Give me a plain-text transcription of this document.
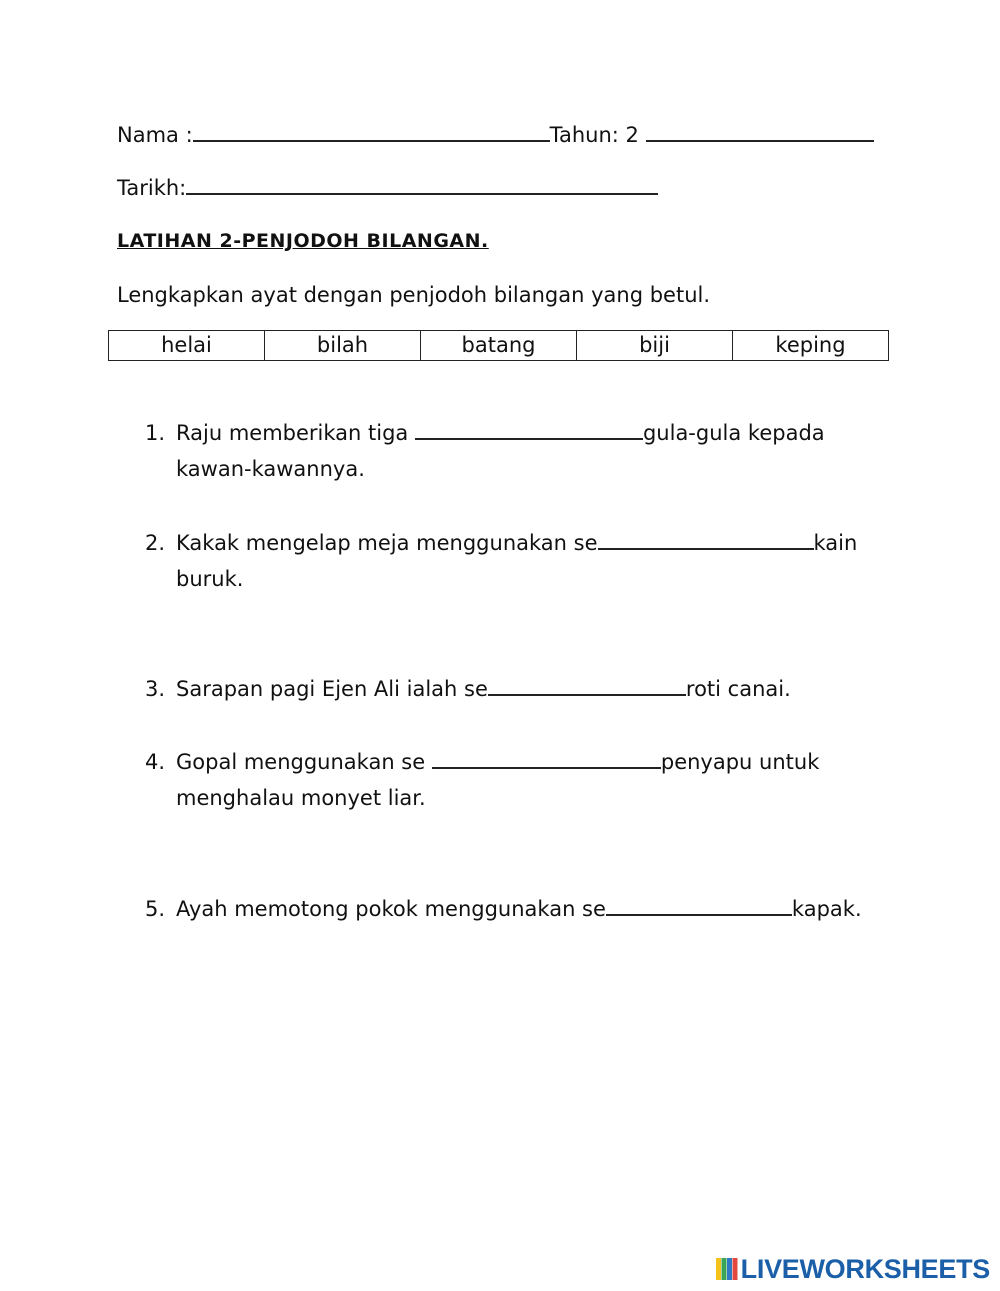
Nama :	Tahun: 2
Tarikh:
LATIHAN 2-PENJODOH BILANGAN.
Lengkapkan ayat dengan penjodoh bilangan yang betul.
helai	bilah	batang	biji	keping
1. Raju memberikan tiga	gula-gula kepada
kawan-kawannya.
2. Kakak mengelap meja menggunakan se	kain
buruk.
3. Sarapan pagi Ejen Ali ialah se	roti canai.
4. Gopal menggunakan se	penyapu untuk
menghalau monyet liar.
5. Ayah memotong pokok menggunakan se	kapak.
LIVEWORKSHEETS
